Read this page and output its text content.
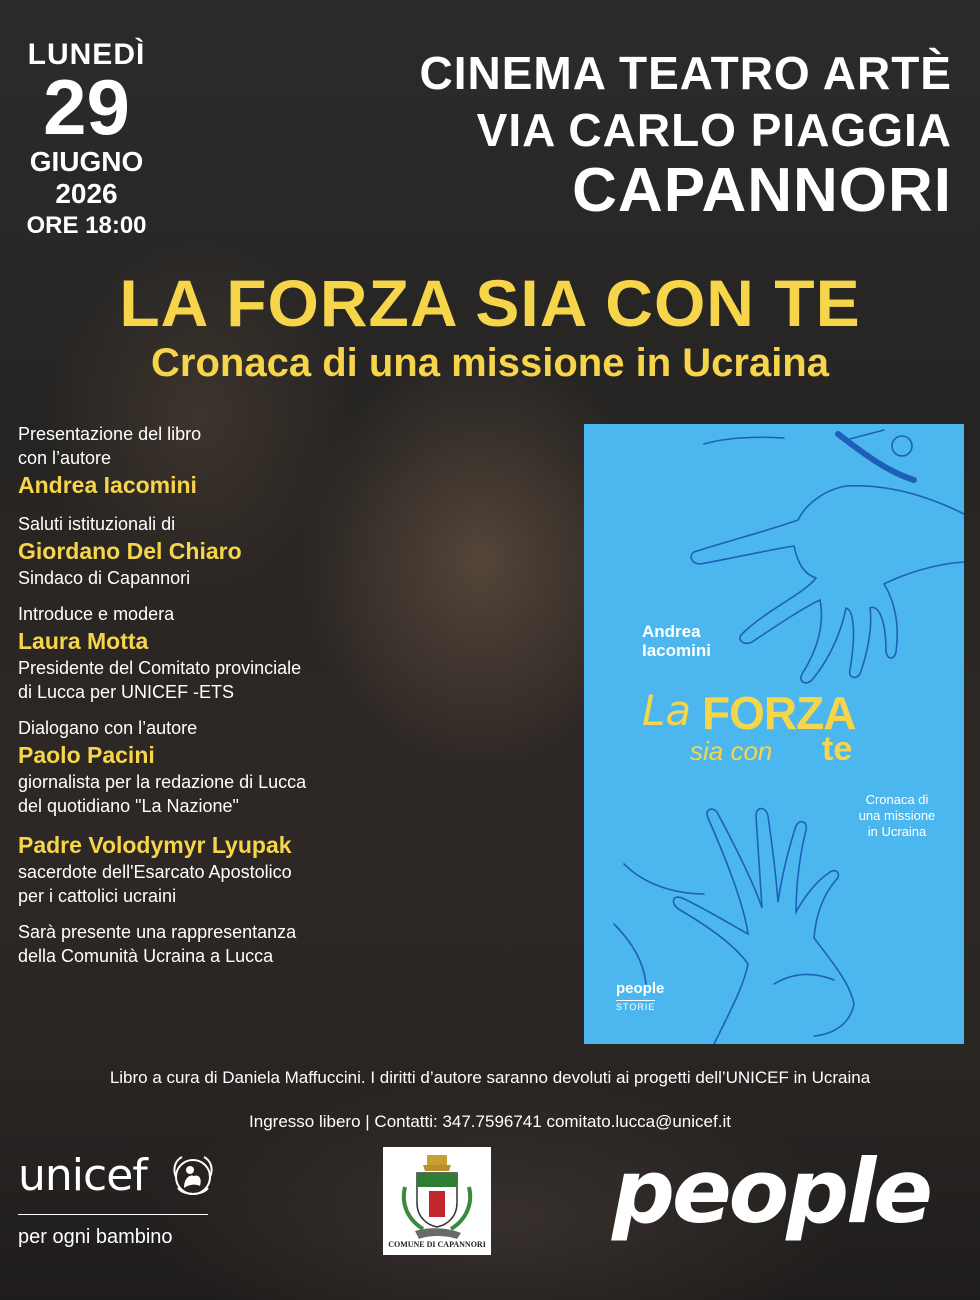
LUNEDÌ
29
GIUGNO
2026
ORE 18:00
CINEMA TEATRO ARTÈ
VIA CARLO PIAGGIA
CAPANNORI
LA FORZA SIA CON TE
Cronaca di una missione in Ucraina
Presentazione del libro
con l’autore
Andrea Iacomini
Saluti istituzionali di
Giordano Del Chiaro
Sindaco di Capannori
Introduce e modera
Laura Motta
Presidente del Comitato provinciale
di Lucca per UNICEF -ETS
Dialogano con l’autore
Paolo Pacini
giornalista per la redazione di Lucca
del quotidiano "La Nazione"
Padre Volodymyr Lyupak
sacerdote dell'Esarcato Apostolico
per i cattolici ucraini
Sarà presente una rappresentanza
della Comunità Ucraina a Lucca
Andrea
Iacomini
La FORZA
sia con te
Cronaca di
una missione
in Ucraina
people
STORIE
Libro a cura di Daniela Maffuccini. I diritti d’autore saranno devoluti ai progetti dell’UNICEF in Ucraina
Ingresso libero | Contatti: 347.7596741 comitato.lucca@unicef.it
unicef
per ogni bambino	COMUNE DI CAPANNORI
people
